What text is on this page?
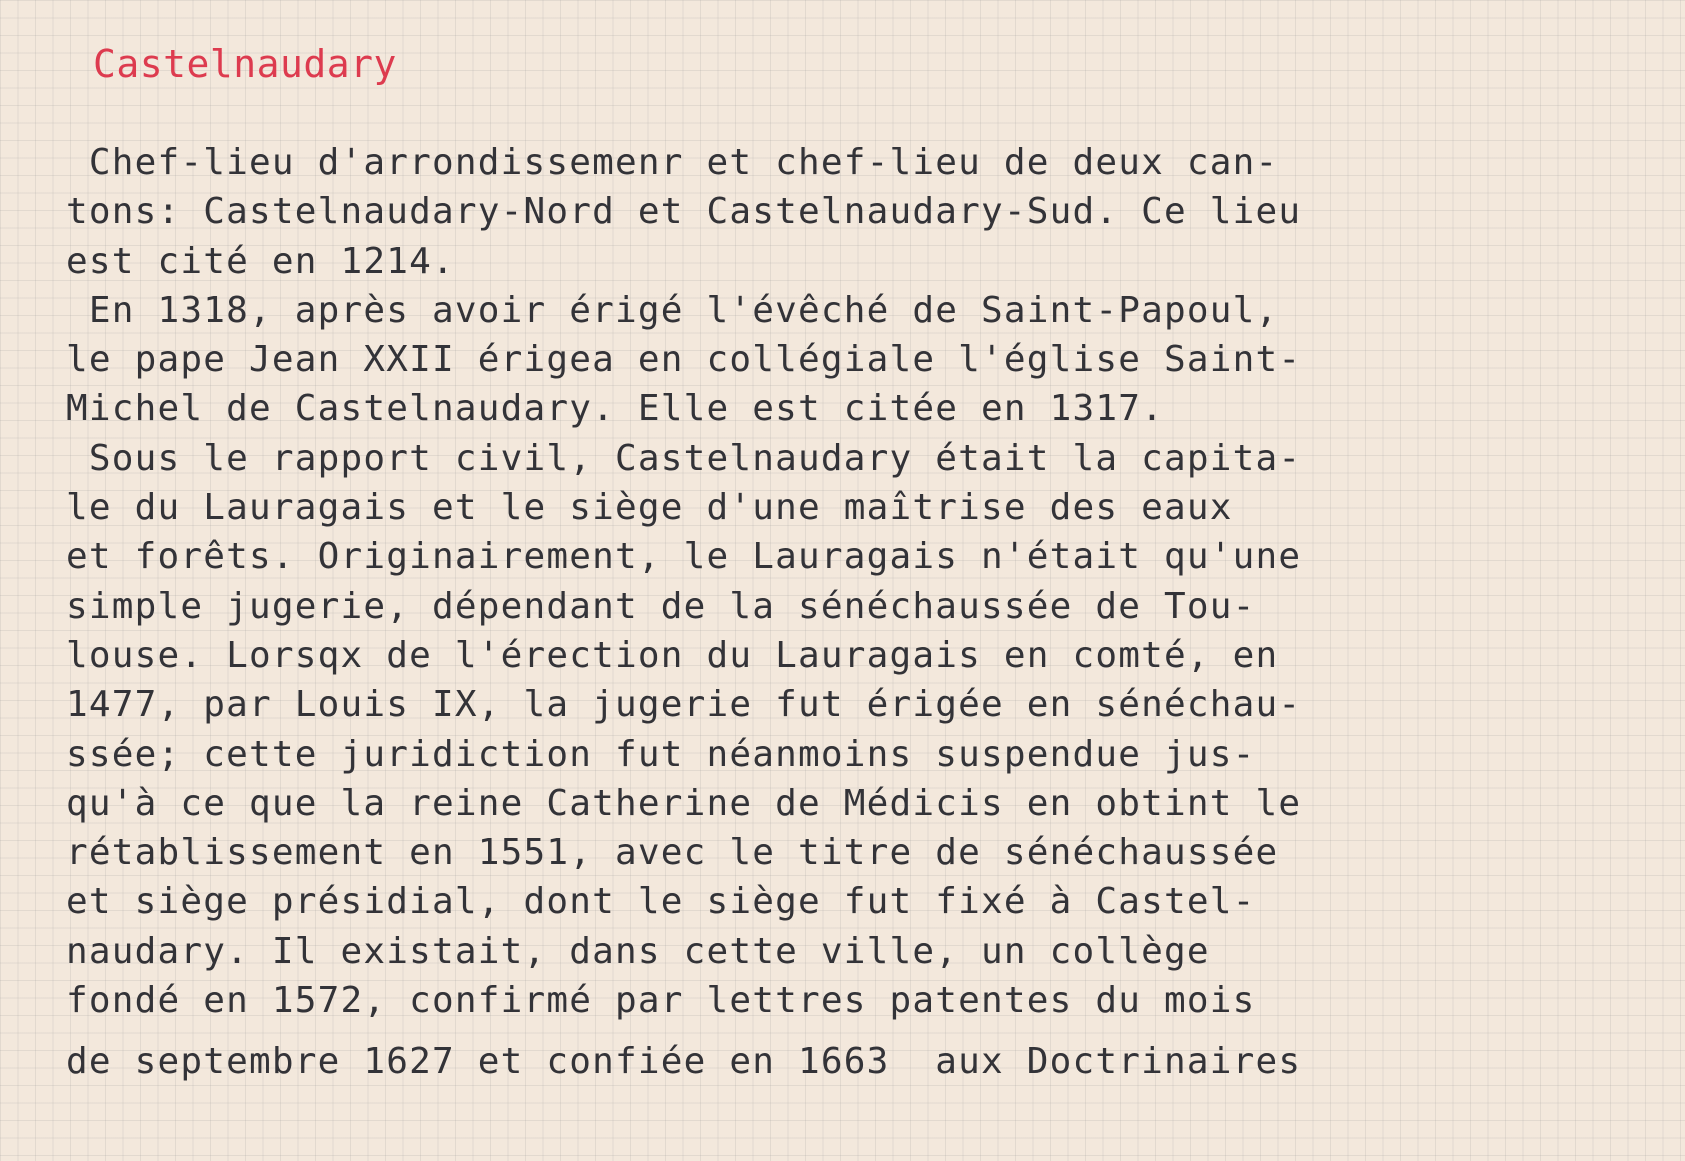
Castelnaudary
Chef-lieu d'arrondissemenr et chef-lieu de deux can-
tons: Castelnaudary-Nord et Castelnaudary-Sud. Ce lieu
est cité en 1214.
En 1318, après avoir érigé l'évêché de Saint-Papoul,
le pape Jean XXII érigea en collégiale l'église Saint-
Michel de Castelnaudary. Elle est citée en 1317.
Sous le rapport civil, Castelnaudary était la capita-
le du Lauragais et le siège d'une maîtrise des eaux
et forêts. Originairement, le Lauragais n'était qu'une
simple jugerie, dépendant de la sénéchaussée de Tou-
louse. Lorsqx de l'érection du Lauragais en comté, en
1477, par Louis IX, la jugerie fut érigée en sénéchau-
ssée; cette juridiction fut néanmoins suspendue jus-
qu'à ce que la reine Catherine de Médicis en obtint le
rétablissement en 1551, avec le titre de sénéchaussée
et siège présidial, dont le siège fut fixé à Castel-
naudary. Il existait, dans cette ville, un collège
fondé en 1572, confirmé par lettres patentes du mois
de septembre 1627 et confiée en 1663  aux Doctrinaires
